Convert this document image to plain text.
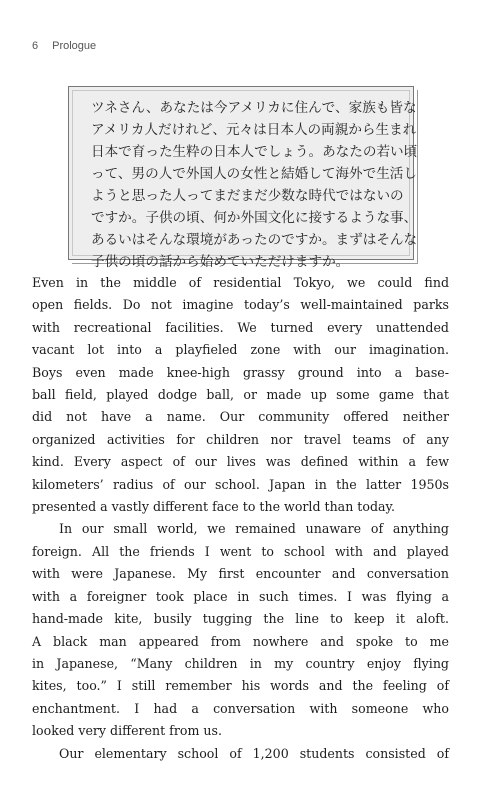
6 Prologue
ツネさん、あなたは今アメリカに住んで、家族も皆な
アメリカ人だけれど、元々は日本人の両親から生まれ
日本で育った生粋の日本人でしょう。あなたの若い頃
って、男の人で外国人の女性と結婚して海外で生活し
ようと思った人ってまだまだ少数な時代ではないの
ですか。子供の頃、何か外国文化に接するような事、
あるいはそんな環境があったのですか。まずはそんな
子供の頃の話から始めていただけますか。
Even in the middle of residential Tokyo, we could find
open fields. Do not imagine today’s well-maintained parks
with recreational facilities. We turned every unattended
vacant lot into a playfieled zone with our imagination.
Boys even made knee-high grassy ground into a base-
ball field, played dodge ball, or made up some game that
did not have a name. Our community offered neither
organized activities for children nor travel teams of any
kind. Every aspect of our lives was defined within a few
kilometers’ radius of our school. Japan in the latter 1950s
presented a vastly different face to the world than today.
In our small world, we remained unaware of anything
foreign. All the friends I went to school with and played
with were Japanese. My first encounter and conversation
with a foreigner took place in such times. I was flying a
hand-made kite, busily tugging the line to keep it aloft.
A black man appeared from nowhere and spoke to me
in Japanese, “Many children in my country enjoy flying
kites, too.” I still remember his words and the feeling of
enchantment. I had a conversation with someone who
looked very different from us.
Our elementary school of 1,200 students consisted of
